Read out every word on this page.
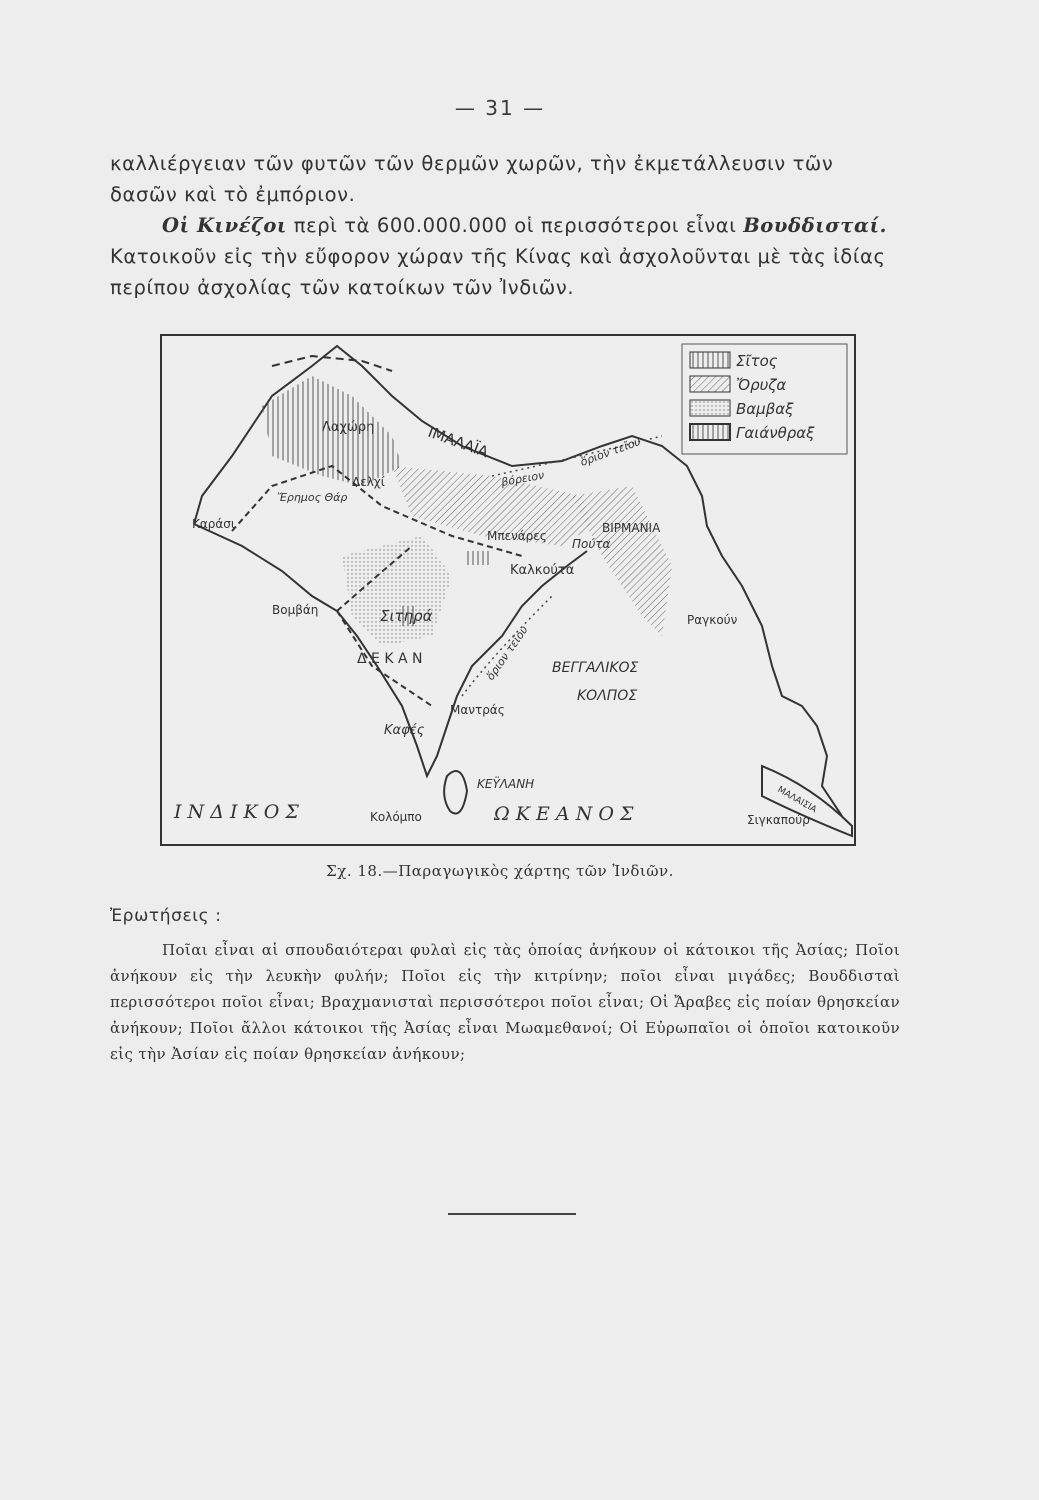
— 31 —
καλλιέργειαν τῶν φυτῶν τῶν θερμῶν χωρῶν, τὴν ἐκμετάλλευσιν τῶν δασῶν καὶ τὸ ἐμπόριον.
Οἱ Κινέζοι περὶ τὰ 600.000.000 οἱ περισσότεροι εἶναι Βουδδισταί. Κατοικοῦν εἰς τὴν εὔφορον χώραν τῆς Κίνας καὶ ἀσχολοῦνται μὲ τὰς ἰδίας περίπου ἀσχολίας τῶν κατοίκων τῶν Ἰνδιῶν.
Σῖτος
Ὄρυζα
Βαμβαξ
Γαιάνθραξ
ΙΜΑΛΑΪΑ
Λαχώρη
Δελχί
Ἔρημος Θάρ
Καράσι
Μπενάρες
ΒΙΡΜΑΝΙΑ
Πούτα
Καλκούτα
Βομβάη	Σιτηρά
Δ Ε Κ Α Ν
Μαντράς
Καφές
Ραγκούν
ΒΕΓΓΑΛΙΚΟΣ
ΚΟΛΠΟΣ
ΚΕΫΛΑΝΗ
Κολόμπο	Σιγκαπούρ
ΜΑΛΑΙΣΙΑ
ὅριον τεῖου
ὅριον τεῖου
βόρειον
Ι Ν Δ Ι Κ Ο Σ	Ω Κ Ε Α Ν Ο Σ
Σχ. 18.—Παραγωγικὸς χάρτης τῶν Ἰνδιῶν.
Ἐρωτήσεις :
Ποῖαι εἶναι αἱ σπουδαιότεραι φυλαὶ εἰς τὰς ὁποίας ἀνήκουν οἱ κάτοικοι τῆς Ἀσίας; Ποῖοι ἀνήκουν εἰς τὴν λευκὴν φυλήν; Ποῖοι εἰς τὴν κιτρίνην; ποῖοι εἶναι μιγάδες; Βουδδισταὶ περισσότεροι ποῖοι εἶναι; Βραχμανισταὶ περισσότεροι ποῖοι εἶναι; Οἱ Ἄραβες εἰς ποίαν θρησκείαν ἀνήκουν; Ποῖοι ἄλλοι κάτοικοι τῆς Ἀσίας εἶναι Μωαμεθανοί; Οἱ Εὐρωπαῖοι οἱ ὁποῖοι κατοικοῦν εἰς τὴν Ἀσίαν εἰς ποίαν θρησκείαν ἀνήκουν;
